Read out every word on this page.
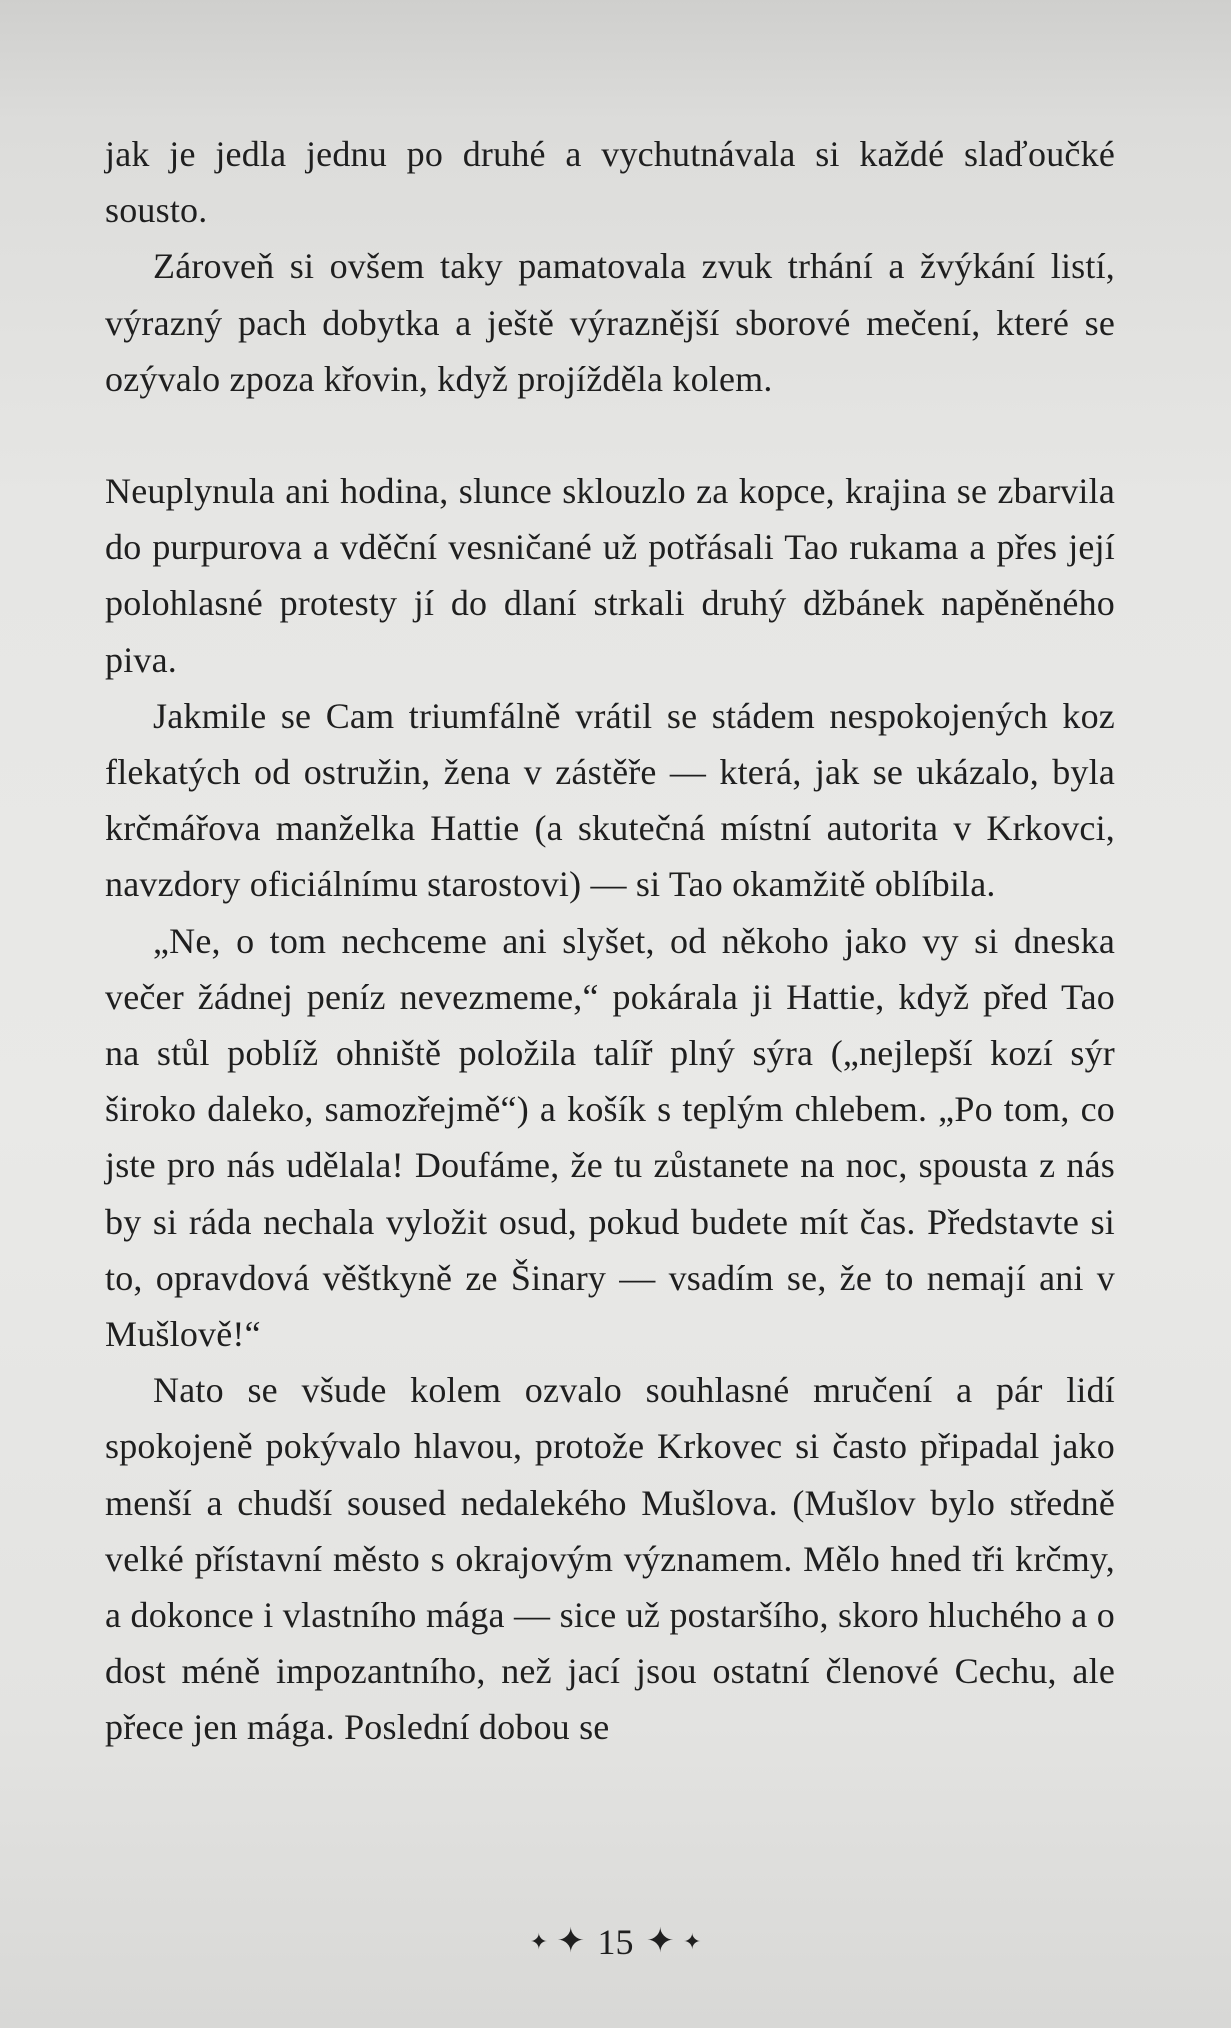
jak je jedla jednu po druhé a vychutnávala si každé slaďoučké sousto.

Zároveň si ovšem taky pamatovala zvuk trhání a žvýkání listí, výrazný pach dobytka a ještě výraznější sborové mečení, které se ozývalo zpoza křovin, když projížděla kolem.

Neuplynula ani hodina, slunce sklouzlo za kopce, krajina se zbarvila do purpurova a vděční vesničané už potřásali Tao rukama a přes její polohlasné protesty jí do dlaní strkali druhý džbánek napěněného piva.

Jakmile se Cam triumfálně vrátil se stádem nespokojených koz flekatých od ostružin, žena v zástěře — která, jak se ukázalo, byla krčmářova manželka Hattie (a skutečná místní autorita v Krkovci, navzdory oficiálnímu starostovi) — si Tao okamžitě oblíbila.

„Ne, o tom nechceme ani slyšet, od někoho jako vy si dneska večer žádnej peníz nevezmeme,“ pokárala ji Hattie, když před Tao na stůl poblíž ohniště položila talíř plný sýra („nejlepší kozí sýr široko daleko, samozřejmě“) a košík s teplým chlebem. „Po tom, co jste pro nás udělala! Doufáme, že tu zůstanete na noc, spousta z nás by si ráda nechala vyložit osud, pokud budete mít čas. Představte si to, opravdová věštkyně ze Šinary — vsadím se, že to nemají ani v Mušlově!“

Nato se všude kolem ozvalo souhlasné mručení a pár lidí spokojeně pokývalo hlavou, protože Krkovec si často připadal jako menší a chudší soused nedalekého Mušlova. (Mušlov bylo středně velké přístavní město s okrajovým významem. Mělo hned tři krčmy, a dokonce i vlastního mága — sice už postaršího, skoro hluchého a o dost méně impozantního, než jací jsou ostatní členové Cechu, ale přece jen mága. Poslední dobou se

✦ ✦ 15 ✦ ✦
